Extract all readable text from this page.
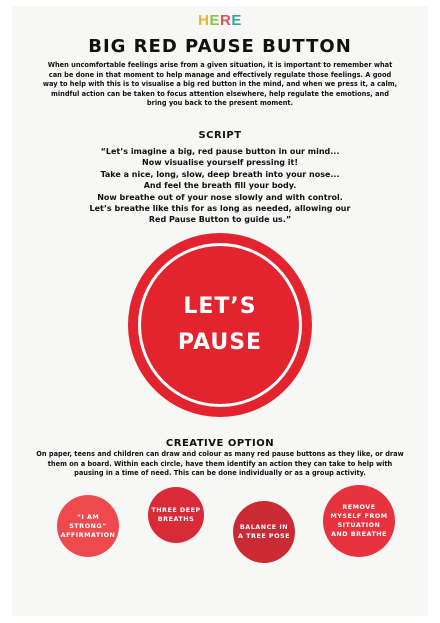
HERE
BIG RED PAUSE BUTTON
When uncomfortable feelings arise from a given situation, it is important to remember what can be done in that moment to help manage and effectively regulate those feelings. A good way to help with this is to visualise a big red button in the mind, and when we press it, a calm, mindful action can be taken to focus attention elsewhere, help regulate the emotions, and bring you back to the present moment.
SCRIPT
“Let’s imagine a big, red pause button in our mind...
Now visualise yourself pressing it!
Take a nice, long, slow, deep breath into your nose...
And feel the breath fill your body.
Now breathe out of your nose slowly and with control.
Let’s breathe like this for as long as needed, allowing our
Red Pause Button to guide us.”
LET’S
PAUSE
CREATIVE OPTION
On paper, teens and children can draw and colour as many red pause buttons as they like, or draw them on a board. Within each circle, have them identify an action they can take to help with pausing in a time of need. This can be done individually or as a group activity.
“I AM
STRONG”
AFFIRMATION
THREE DEEP
BREATHS
BALANCE IN
A TREE POSE
REMOVE
MYSELF FROM
SITUATION
AND BREATHE
